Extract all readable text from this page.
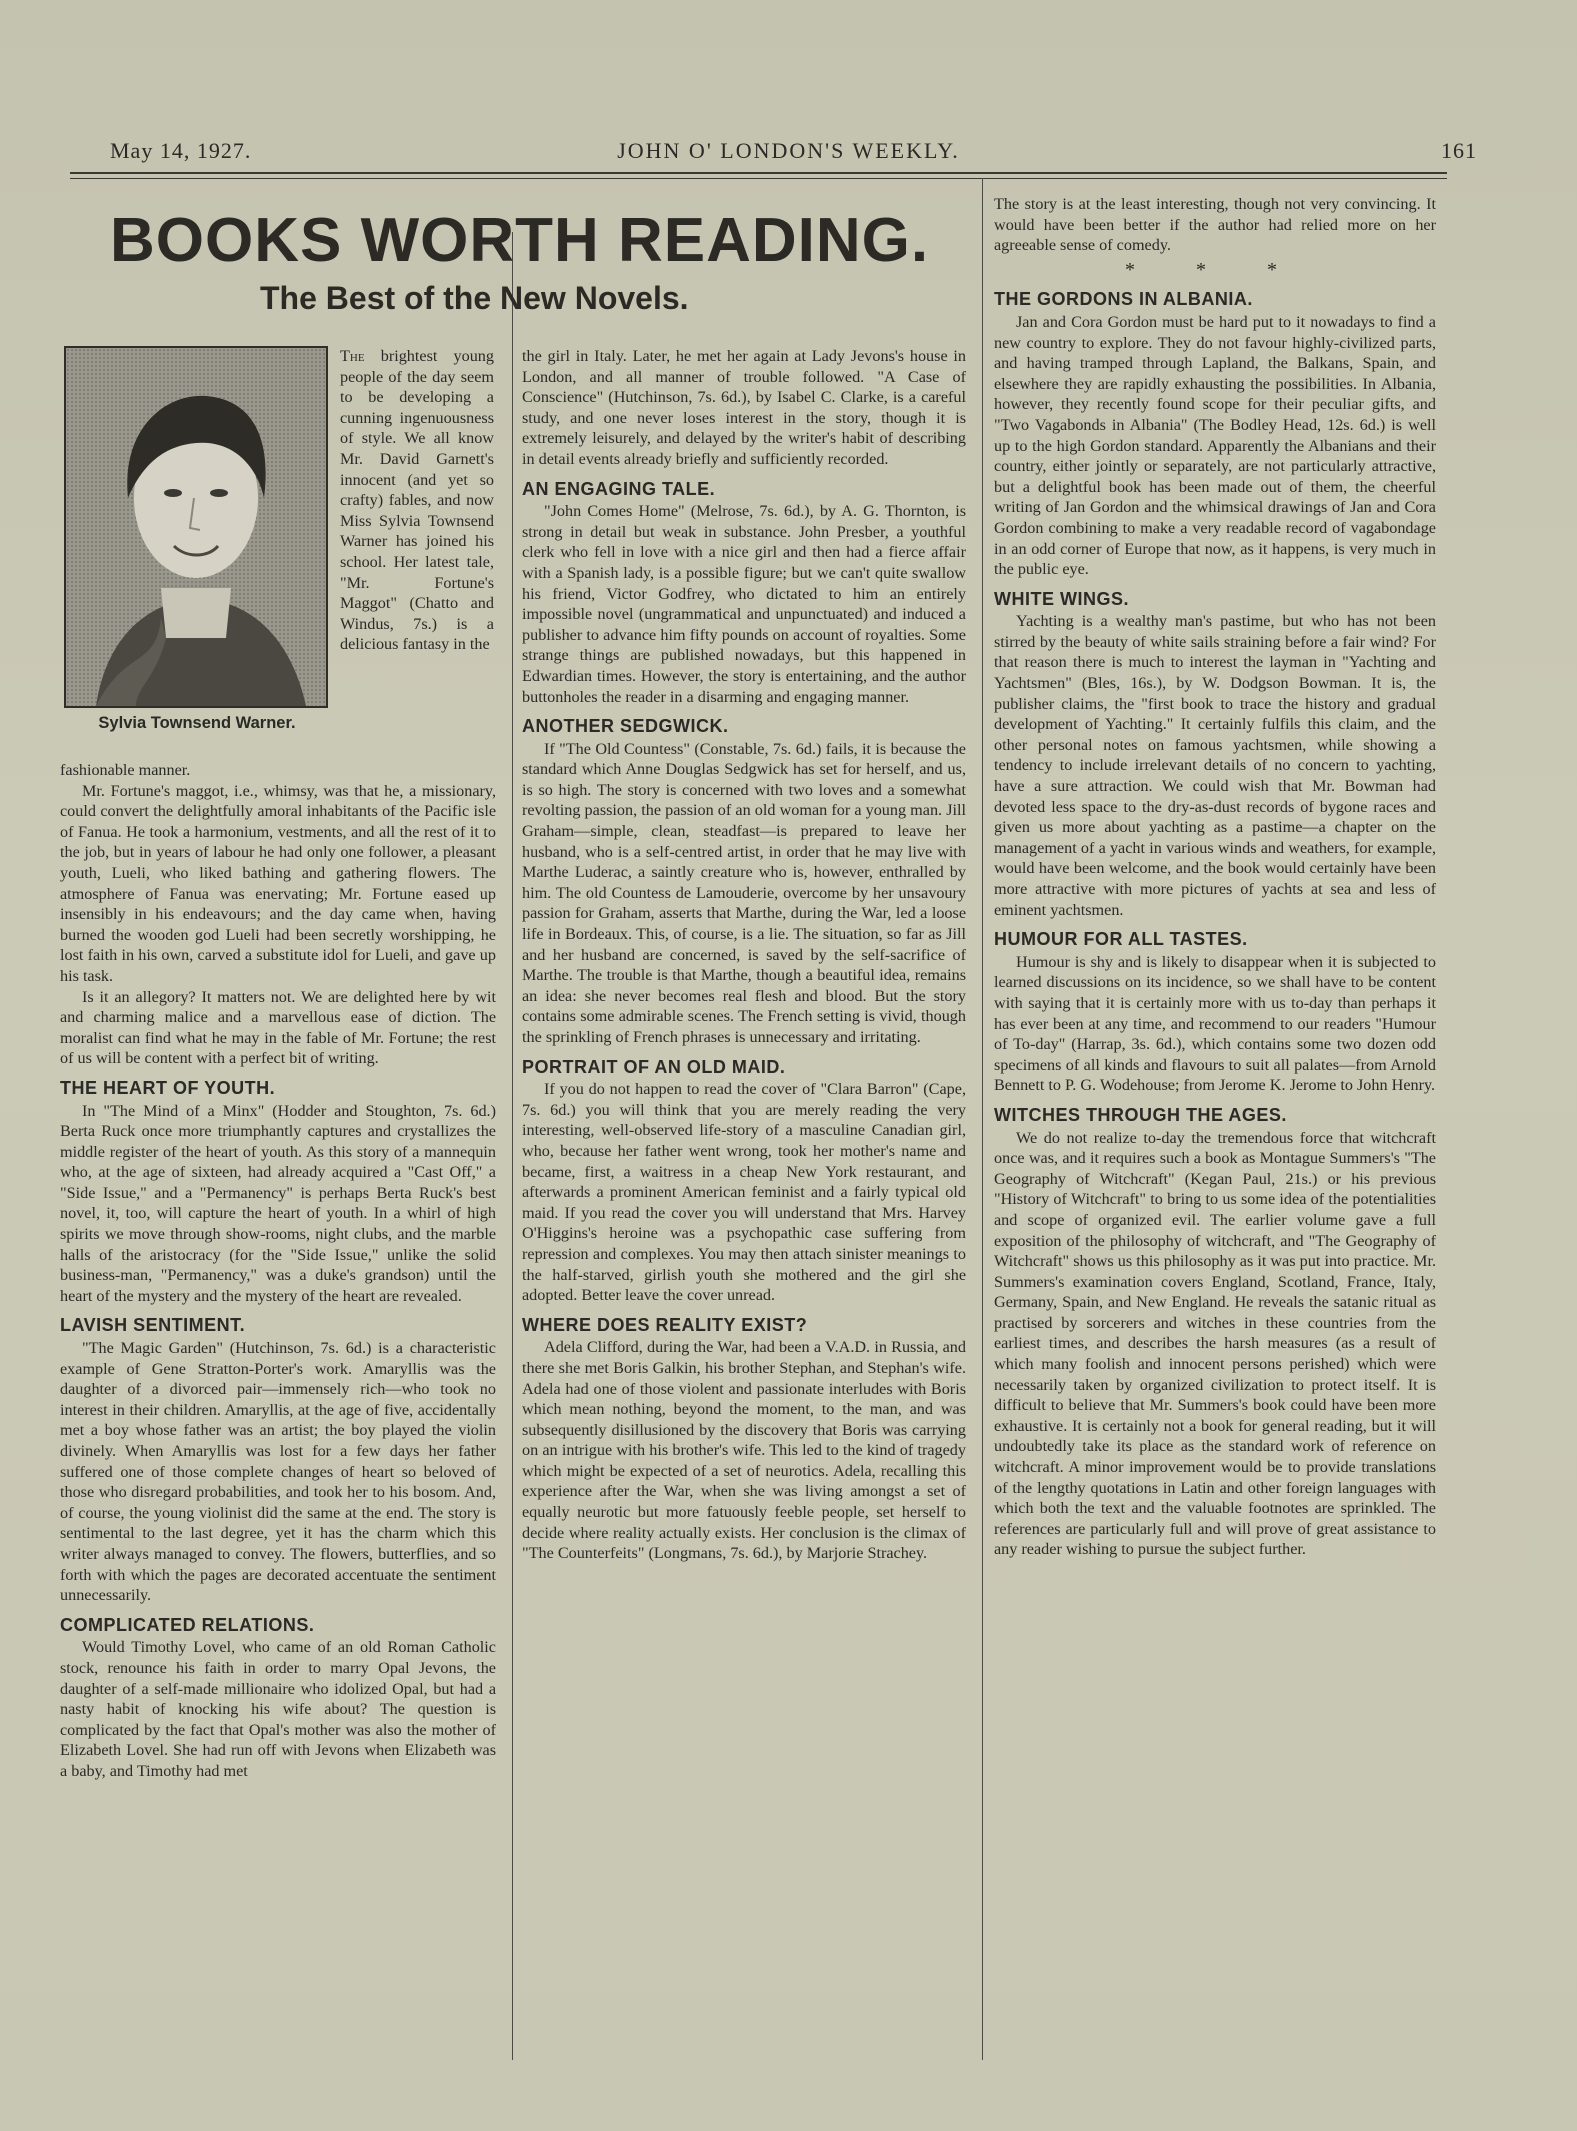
May 14, 1927.	JOHN O' LONDON'S WEEKLY.	161
BOOKS WORTH READING.
The Best of the New Novels.
Sylvia Townsend Warner.

The brightest young people of the day seem to be developing a cunning ingenuousness of style. We all know Mr. David Garnett's innocent (and yet so crafty) fables, and now Miss Sylvia Townsend Warner has joined his school. Her latest tale, "Mr. Fortune's Maggot" (Chatto and Windus, 7s.) is a delicious fantasy in the

fashionable manner.

Mr. Fortune's maggot, i.e., whimsy, was that he, a missionary, could convert the delightfully amoral inhabitants of the Pacific isle of Fanua. He took a harmonium, vestments, and all the rest of it to the job, but in years of labour he had only one follower, a pleasant youth, Lueli, who liked bathing and gathering flowers. The atmosphere of Fanua was enervating; Mr. Fortune eased up insensibly in his endeavours; and the day came when, having burned the wooden god Lueli had been secretly worshipping, he lost faith in his own, carved a substitute idol for Lueli, and gave up his task.

Is it an allegory? It matters not. We are delighted here by wit and charming malice and a marvellous ease of diction. The moralist can find what he may in the fable of Mr. Fortune; the rest of us will be content with a perfect bit of writing.

THE HEART OF YOUTH.

In "The Mind of a Minx" (Hodder and Stoughton, 7s. 6d.) Berta Ruck once more triumphantly captures and crystallizes the middle register of the heart of youth. As this story of a mannequin who, at the age of sixteen, had already acquired a "Cast Off," a "Side Issue," and a "Permanency" is perhaps Berta Ruck's best novel, it, too, will capture the heart of youth. In a whirl of high spirits we move through show-rooms, night clubs, and the marble halls of the aristocracy (for the "Side Issue," unlike the solid business-man, "Permanency," was a duke's grandson) until the heart of the mystery and the mystery of the heart are revealed.

LAVISH SENTIMENT.

"The Magic Garden" (Hutchinson, 7s. 6d.) is a characteristic example of Gene Stratton-Porter's work. Amaryllis was the daughter of a divorced pair—immensely rich—who took no interest in their children. Amaryllis, at the age of five, accidentally met a boy whose father was an artist; the boy played the violin divinely. When Amaryllis was lost for a few days her father suffered one of those complete changes of heart so beloved of those who disregard probabilities, and took her to his bosom. And, of course, the young violinist did the same at the end. The story is sentimental to the last degree, yet it has the charm which this writer always managed to convey. The flowers, butterflies, and so forth with which the pages are decorated accentuate the sentiment unnecessarily.

COMPLICATED RELATIONS.

Would Timothy Lovel, who came of an old Roman Catholic stock, renounce his faith in order to marry Opal Jevons, the daughter of a self-made millionaire who idolized Opal, but had a nasty habit of knocking his wife about? The question is complicated by the fact that Opal's mother was also the mother of Elizabeth Lovel. She had run off with Jevons when Elizabeth was a baby, and Timothy had met

the girl in Italy. Later, he met her again at Lady Jevons's house in London, and all manner of trouble followed. "A Case of Conscience" (Hutchinson, 7s. 6d.), by Isabel C. Clarke, is a careful study, and one never loses interest in the story, though it is extremely leisurely, and delayed by the writer's habit of describing in detail events already briefly and sufficiently recorded.

AN ENGAGING TALE.

"John Comes Home" (Melrose, 7s. 6d.), by A. G. Thornton, is strong in detail but weak in substance. John Presber, a youthful clerk who fell in love with a nice girl and then had a fierce affair with a Spanish lady, is a possible figure; but we can't quite swallow his friend, Victor Godfrey, who dictated to him an entirely impossible novel (ungrammatical and unpunctuated) and induced a publisher to advance him fifty pounds on account of royalties. Some strange things are published nowadays, but this happened in Edwardian times. However, the story is entertaining, and the author buttonholes the reader in a disarming and engaging manner.

ANOTHER SEDGWICK.

If "The Old Countess" (Constable, 7s. 6d.) fails, it is because the standard which Anne Douglas Sedgwick has set for herself, and us, is so high. The story is concerned with two loves and a somewhat revolting passion, the passion of an old woman for a young man. Jill Graham—simple, clean, steadfast—is prepared to leave her husband, who is a self-centred artist, in order that he may live with Marthe Luderac, a saintly creature who is, however, enthralled by him. The old Countess de Lamouderie, overcome by her unsavoury passion for Graham, asserts that Marthe, during the War, led a loose life in Bordeaux. This, of course, is a lie. The situation, so far as Jill and her husband are concerned, is saved by the self-sacrifice of Marthe. The trouble is that Marthe, though a beautiful idea, remains an idea: she never becomes real flesh and blood. But the story contains some admirable scenes. The French setting is vivid, though the sprinkling of French phrases is unnecessary and irritating.

PORTRAIT OF AN OLD MAID.

If you do not happen to read the cover of "Clara Barron" (Cape, 7s. 6d.) you will think that you are merely reading the very interesting, well-observed life-story of a masculine Canadian girl, who, because her father went wrong, took her mother's name and became, first, a waitress in a cheap New York restaurant, and afterwards a prominent American feminist and a fairly typical old maid. If you read the cover you will understand that Mrs. Harvey O'Higgins's heroine was a psychopathic case suffering from repression and complexes. You may then attach sinister meanings to the half-starved, girlish youth she mothered and the girl she adopted. Better leave the cover unread.

WHERE DOES REALITY EXIST?

Adela Clifford, during the War, had been a V.A.D. in Russia, and there she met Boris Galkin, his brother Stephan, and Stephan's wife. Adela had one of those violent and passionate interludes with Boris which mean nothing, beyond the moment, to the man, and was subsequently disillusioned by the discovery that Boris was carrying on an intrigue with his brother's wife. This led to the kind of tragedy which might be expected of a set of neurotics. Adela, recalling this experience after the War, when she was living amongst a set of equally neurotic but more fatuously feeble people, set herself to decide where reality actually exists. Her conclusion is the climax of "The Counterfeits" (Longmans, 7s. 6d.), by Marjorie Strachey.

The story is at the least interesting, though not very convincing. It would have been better if the author had relied more on her agreeable sense of comedy.

* * *
THE GORDONS IN ALBANIA.

Jan and Cora Gordon must be hard put to it nowadays to find a new country to explore. They do not favour highly-civilized parts, and having tramped through Lapland, the Balkans, Spain, and elsewhere they are rapidly exhausting the possibilities. In Albania, however, they recently found scope for their peculiar gifts, and "Two Vagabonds in Albania" (The Bodley Head, 12s. 6d.) is well up to the high Gordon standard. Apparently the Albanians and their country, either jointly or separately, are not particularly attractive, but a delightful book has been made out of them, the cheerful writing of Jan Gordon and the whimsical drawings of Jan and Cora Gordon combining to make a very readable record of vagabondage in an odd corner of Europe that now, as it happens, is very much in the public eye.

WHITE WINGS.

Yachting is a wealthy man's pastime, but who has not been stirred by the beauty of white sails straining before a fair wind? For that reason there is much to interest the layman in "Yachting and Yachtsmen" (Bles, 16s.), by W. Dodgson Bowman. It is, the publisher claims, the "first book to trace the history and gradual development of Yachting." It certainly fulfils this claim, and the other personal notes on famous yachtsmen, while showing a tendency to include irrelevant details of no concern to yachting, have a sure attraction. We could wish that Mr. Bowman had devoted less space to the dry-as-dust records of bygone races and given us more about yachting as a pastime—a chapter on the management of a yacht in various winds and weathers, for example, would have been welcome, and the book would certainly have been more attractive with more pictures of yachts at sea and less of eminent yachtsmen.

HUMOUR FOR ALL TASTES.

Humour is shy and is likely to disappear when it is subjected to learned discussions on its incidence, so we shall have to be content with saying that it is certainly more with us to-day than perhaps it has ever been at any time, and recommend to our readers "Humour of To-day" (Harrap, 3s. 6d.), which contains some two dozen odd specimens of all kinds and flavours to suit all palates—from Arnold Bennett to P. G. Wodehouse; from Jerome K. Jerome to John Henry.

WITCHES THROUGH THE AGES.

We do not realize to-day the tremendous force that witchcraft once was, and it requires such a book as Montague Summers's "The Geography of Witchcraft" (Kegan Paul, 21s.) or his previous "History of Witchcraft" to bring to us some idea of the potentialities and scope of organized evil. The earlier volume gave a full exposition of the philosophy of witchcraft, and "The Geography of Witchcraft" shows us this philosophy as it was put into practice. Mr. Summers's examination covers England, Scotland, France, Italy, Germany, Spain, and New England. He reveals the satanic ritual as practised by sorcerers and witches in these countries from the earliest times, and describes the harsh measures (as a result of which many foolish and innocent persons perished) which were necessarily taken by organized civilization to protect itself. It is difficult to believe that Mr. Summers's book could have been more exhaustive. It is certainly not a book for general reading, but it will undoubtedly take its place as the standard work of reference on witchcraft. A minor improvement would be to provide translations of the lengthy quotations in Latin and other foreign languages with which both the text and the valuable footnotes are sprinkled. The references are particularly full and will prove of great assistance to any reader wishing to pursue the subject further.
